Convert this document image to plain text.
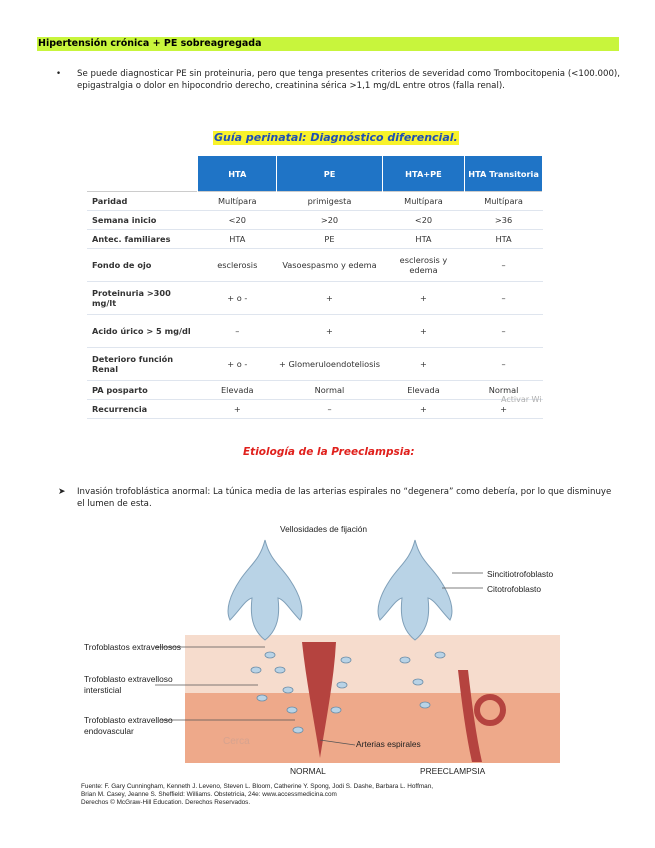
Hipertensión crónica + PE sobreagregada
• Se puede diagnosticar PE sin proteinuria, pero que tenga presentes criterios de severidad como Trombocitopenia (<100.000), epigastralgia o dolor en hipocondrio derecho, creatinina sérica >1,1 mg/dL entre otros (falla renal).
Guía perinatal: Diagnóstico diferencial.
	HTA	PE	HTA+PE	HTA Transitoria
Paridad	Multípara	primigesta	Multípara	Multípara
Semana inicio	<20	>20	<20	>36
Antec. familiares	HTA	PE	HTA	HTA
Fondo de ojo	esclerosis	Vasoespasmo y edema	esclerosis y edema	–
Proteinuria >300 mg/lt	+ o -	+	+	–
Acido úrico > 5 mg/dl	–	+	+	–
Deterioro función Renal	+ o -	+ Glomeruloendoteliosis	+	–
PA posparto	Elevada	Normal	Elevada	Normal
Recurrencia	+	–	+	+
Activar Wi
Etiología de la Preeclampsia:
➤ Invasión trofoblástica anormal: La túnica media de las arterias espirales no “degenera” como debería, por lo que disminuye el lumen de esta.
Vellosidades de fijación
Sincitiotrofoblasto
Citotrofoblasto
Trofoblastos extravellosos
Trofoblasto extravelloso
intersticial
Trofoblasto extravelloso
endovascular
Arterias espirales
Cerca
NORMAL	PREECLAMPSIA
Fuente: F. Gary Cunningham, Kenneth J. Leveno, Steven L. Bloom, Catherine Y. Spong, Jodi S. Dashe, Barbara L. Hoffman,
Brian M. Casey, Jeanne S. Sheffield: Williams. Obstetricia, 24e: www.accessmedicina.com
Derechos © McGraw-Hill Education. Derechos Reservados.
